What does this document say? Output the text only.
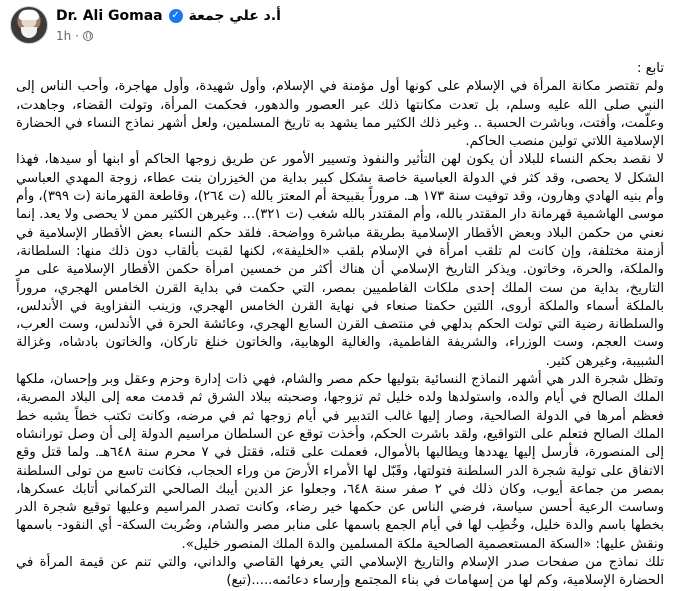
Dr. Ali Gomaa ✓ أ.د علي جمعة
1h ·

تابع :

ولم تقتصر مكانة المرأة في الإسلام على كونها أول مؤمنة في الإسلام، وأول شهيدة، وأول مهاجرة، وأحب الناس إلى النبي صلى الله عليه وسلم، بل تعدت مكانتها ذلك عبر العصور والدهور، فحكمت المرأة، وتولت القضاء، وجاهدت، وعلّمت، وأفتت، وباشرت الحسبة .. وغير ذلك الكثير مما يشهد به تاريخ المسلمين، ولعل أشهر نماذج النساء في الحضارة الإسلامية اللاتي تولين منصب الحاكم.

لا نقصد بحكم النساء للبلاد أن يكون لهن التأثير والنفوذ وتسيير الأمور عن طريق زوجها الحاكم أو ابنها أو سيدها، فهذا الشكل لا يحصى، وقد كثر في الدولة العباسية خاصة بشكل كبير بداية من الخيزران بنت عطاء، زوجة المهدي العباسي وأم بنيه الهادي وهارون، وقد توفيت سنة ١٧٣ هـ. مروراً بقبيحة أم المعتز بالله (ت ٢٦٤)، وقاطعة القهرمانة (ت ٣٩٩)، وأم موسى الهاشمية قهرمانة دار المقتدر بالله، وأم المقتدر بالله شغب (ت ٣٢١)... وغيرهن الكثير ممن لا يحصى ولا يعد. إنما نعني من حكمن البلاد وبعض الأقطار الإسلامية بطريقة مباشرة وواضحة. فلقد حكم النساء بعض الأقطار الإسلامية في أزمنة مختلفة، وإن كانت لم تلقب امرأة في الإسلام بلقب «الخليفة»، لكنها لقبت بألقاب دون ذلك منها: السلطانة، والملكة، والحرة، وخاتون. ويذكر التاريخ الإسلامي أن هناك أكثر من خمسين امرأة حكمن الأقطار الإسلامية على مر التاريخ، بداية من ست الملك إحدى ملكات الفاطميين بمصر، التي حكمت في بداية القرن الخامس الهجري، مروراً بالملكة أسماء والملكة أروى، اللتين حكمتا صنعاء في نهاية القرن الخامس الهجري، وزينب النفزاوية في الأندلس، والسلطانة رضية التي تولت الحكم بدلهي في منتصف القرن السابع الهجري، وعائشة الحرة في الأندلس، وست العرب، وست العجم، وست الوزراء، والشريفة الفاطمية، والغالية الوهابية، والخاتون خنلغ تاركان، والخاتون بادشاه، وغزالة الشبيبة، وغيرهن كثير.

وتظل شجرة الدر هي أشهر النماذج النسائية بتوليها حكم مصر والشام، فهي ذات إدارة وحزم وعقل وبر وإحسان، ملكها الملك الصالح في أيام والده، واستولدها ولده خليل ثم تزوجها، وصحبته ببلاد الشرق ثم قدمت معه إلى البلاد المصرية، فعظم أمرها في الدولة الصالحية، وصار إليها غالب التدبير في أيام زوجها ثم في مرضه، وكانت تكتب خطاً يشبه خط الملك الصالح فتعلم على التواقيع، ولقد باشرت الحكم، وأخذت توقع عن السلطان مراسيم الدولة إلى أن وصل تورانشاه إلى المنصورة، فأرسل إليها يهددها ويطالبها بالأموال، فعملت على قتله، فقتل في ٧ محرم سنة ٦٤٨هـ. ولما قتل وقع الاتفاق على تولية شجرة الدر السلطنة فتولتها، وقَبّل لها الأمراء الأرضَ من وراء الحجاب، فكانت تاسع من تولى السلطنة بمصر من جماعة أيوب، وكان ذلك في ٢ صفر سنة ٦٤٨، وجعلوا عز الدين أيبك الصالحي التركماني أتابك عسكرها، وساست الرعية أحسن سياسة، فرضي الناس عن حكمها خير رضاء، وكانت تصدر المراسيم وعليها توقيع شجرة الدر بخطها باسم والدة خليل، وخُطِب لها في أيام الجمع باسمها على منابر مصر والشام، وضُربت السكة- أي النقود- باسمها ونقش عليها: «السكة المستعصمية الصالحية ملكة المسلمين والدة الملك المنصور خليل».

تلك نماذج من صفحات صدر الإسلام والتاريخ الإسلامي التي يعرفها القاصي والداني، والتي تنم عن قيمة المرأة في الحضارة الإسلامية، وكم لها من إسهامات في بناء المجتمع وإرساء دعائمه.....(تبع)
